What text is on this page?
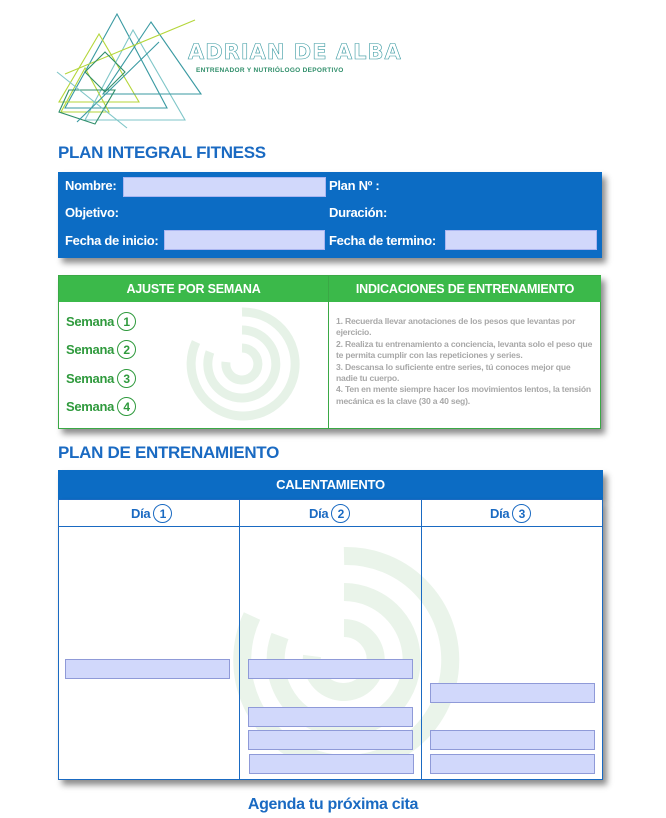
ADRIAN DE ALBA
ENTRENADOR Y NUTRIÓLOGO DEPORTIVO
PLAN INTEGRAL FITNESS
Nombre:	Plan Nº :
Objetivo:	Duración:
Fecha de inicio:	Fecha de termino:
AJUSTE POR SEMANA	INDICACIONES DE ENTRENAMIENTO
Semana 1
Semana 2
Semana 3
Semana 4
1. Recuerda llevar anotaciones de los pesos que levantas por ejercicio.
2. Realiza tu entrenamiento a conciencia, levanta solo el peso que te permita cumplir con las repeticiones y series.
3. Descansa lo suficiente entre series, tú conoces mejor que nadie tu cuerpo.
4. Ten en mente siempre hacer los movimientos lentos, la tensión mecánica es la clave (30 a 40 seg).
PLAN DE ENTRENAMIENTO
CALENTAMIENTO
Día 1	Día 2	Día 3
Agenda tu próxima cita
